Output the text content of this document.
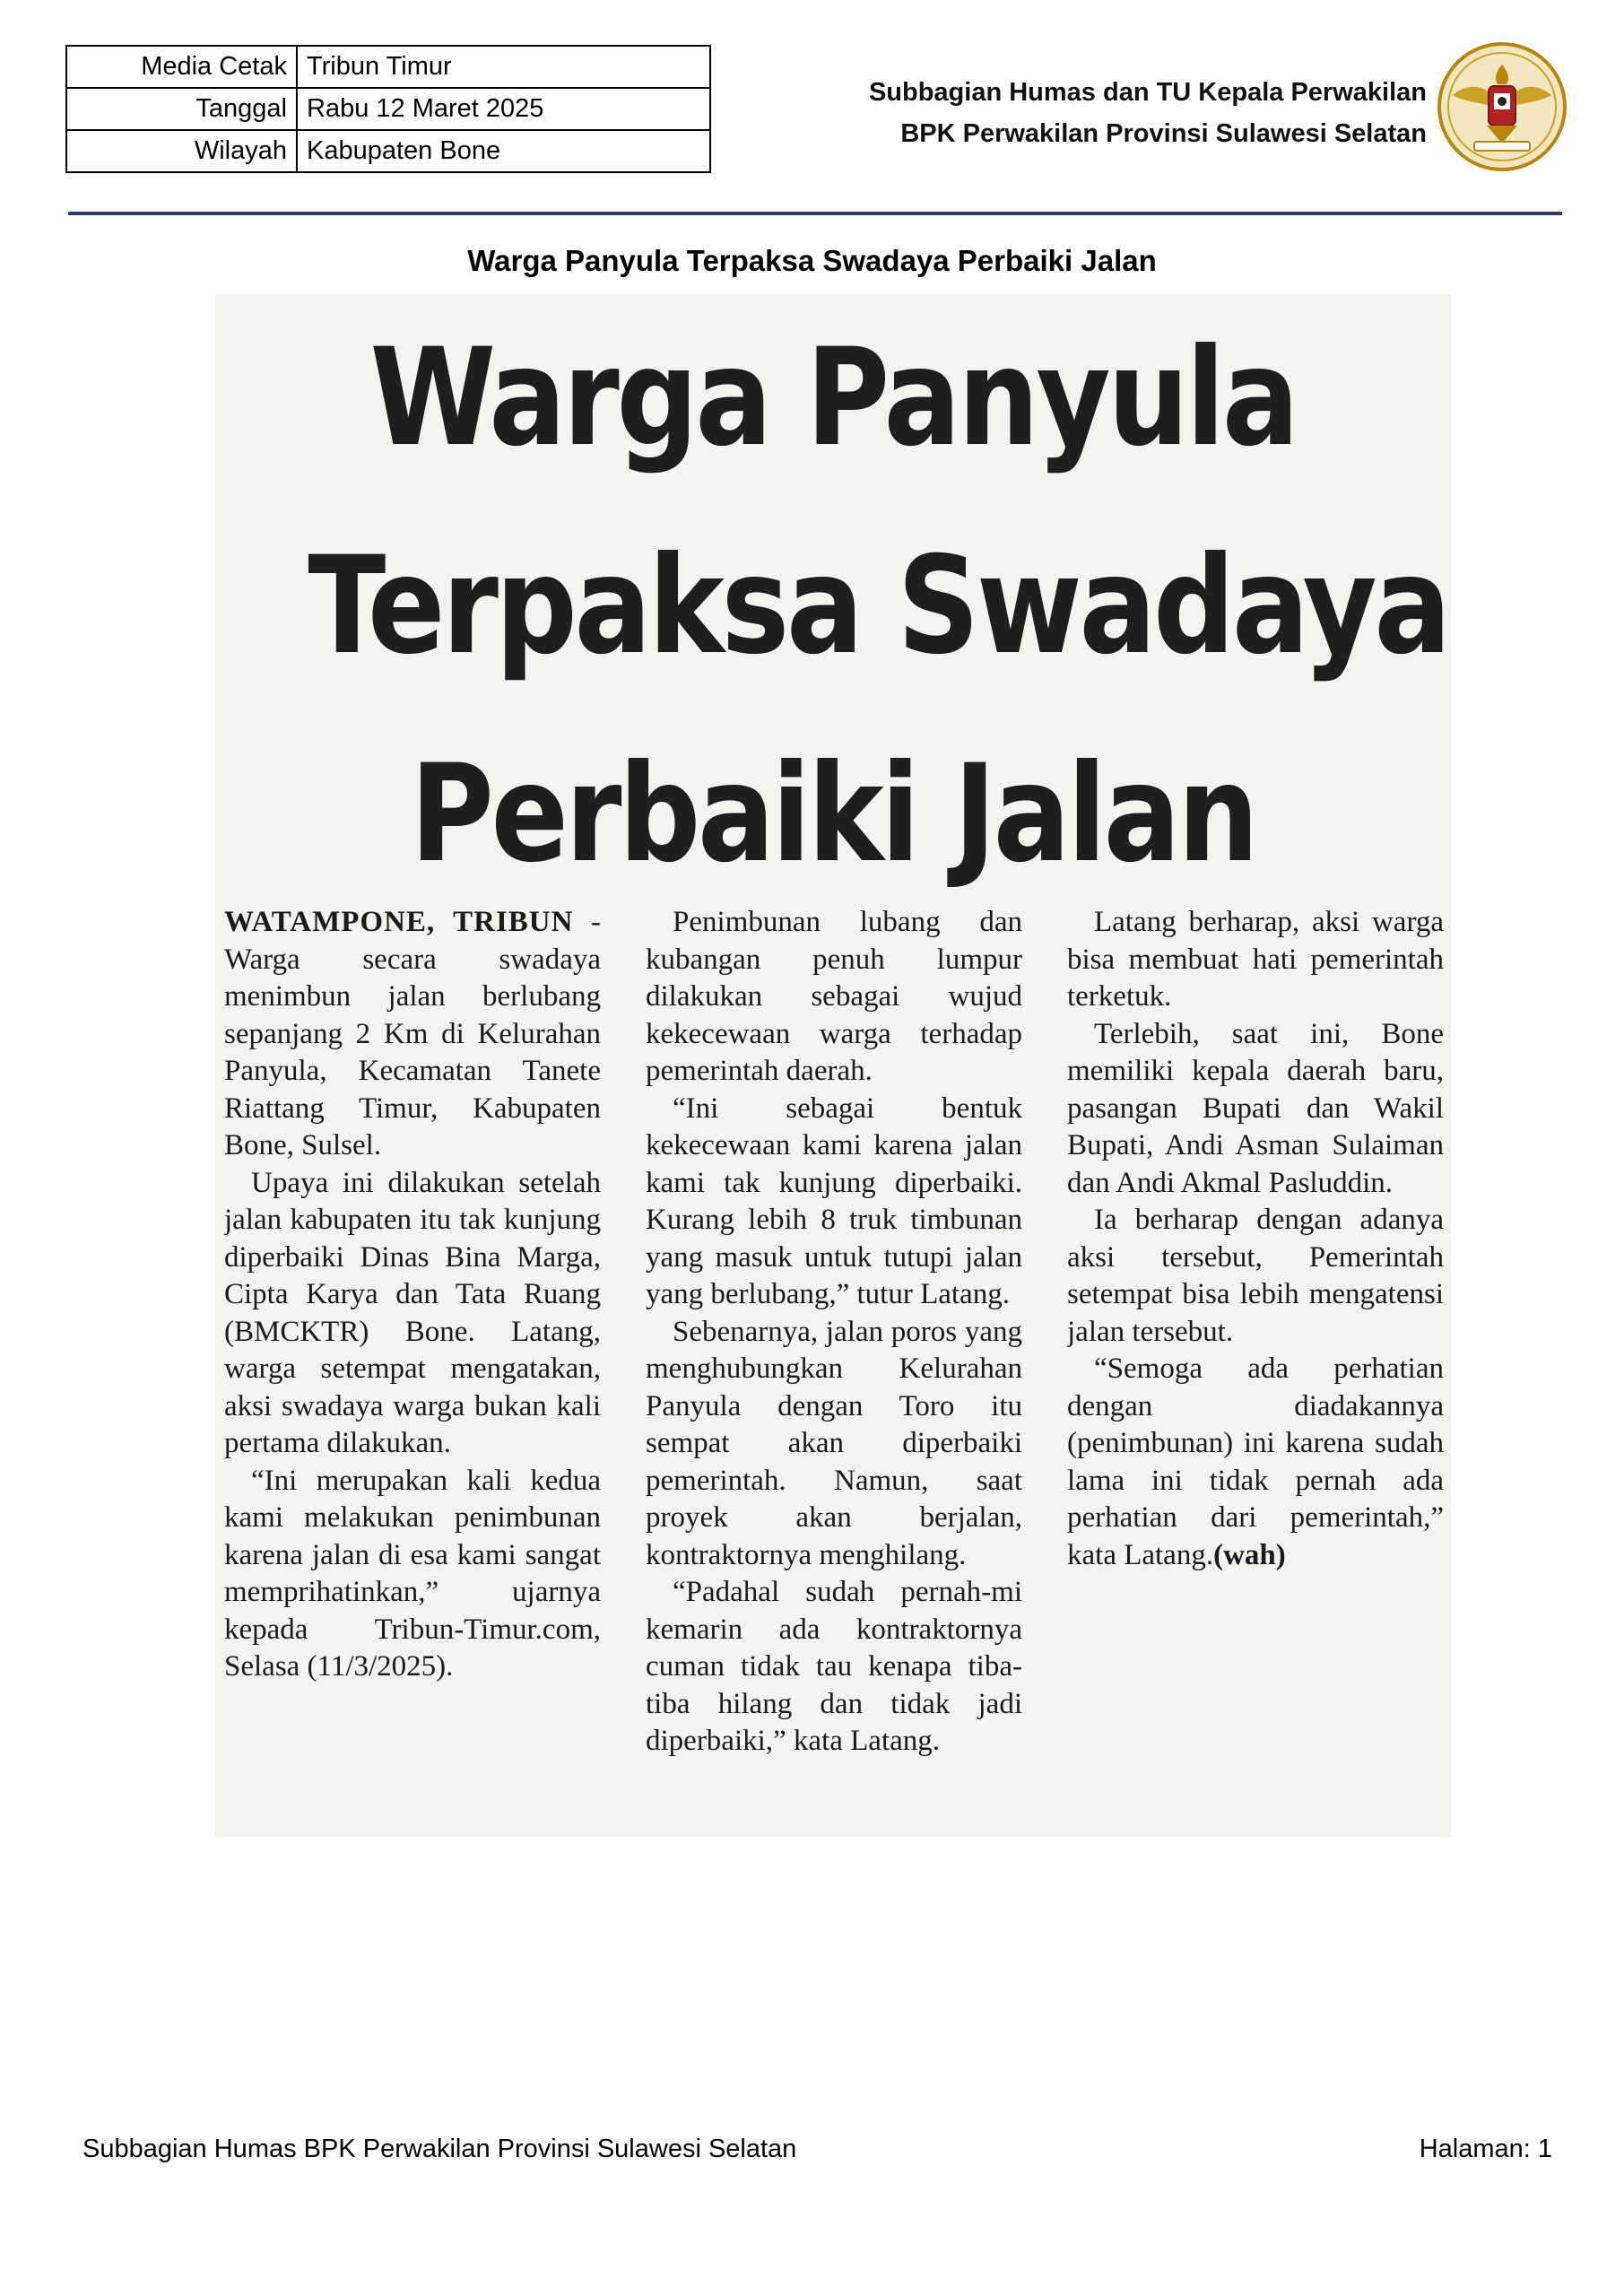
Media Cetak	Tribun Timur
Tanggal	Rabu 12 Maret 2025
Wilayah	Kabupaten Bone
Subbagian Humas dan TU Kepala Perwakilan
BPK Perwakilan Provinsi Sulawesi Selatan
Warga Panyula Terpaksa Swadaya Perbaiki Jalan
Warga Panyula
Terpaksa Swadaya
Perbaiki Jalan

WATAMPONE, TRIBUN - Warga secara swadaya menimbun jalan berlubang sepanjang 2 Km di Kelurahan Panyula, Kecamatan Tanete Riattang Timur, Kabupaten Bone, Sulsel.

Upaya ini dilakukan setelah jalan kabupaten itu tak kunjung diperbaiki Dinas Bina Marga, Cipta Karya dan Tata Ruang (BMCKTR) Bone. Latang, warga setempat mengatakan, aksi swadaya warga bukan kali pertama dilakukan.

“Ini merupakan kali kedua kami melakukan penimbunan karena jalan di esa kami sangat memprihatinkan,” ujarnya kepada Tribun-Timur.com, Selasa (11/3/2025).

Penimbunan lubang dan kubangan penuh lumpur dilakukan sebagai wujud kekecewaan warga terhadap pemerintah daerah.

“Ini sebagai bentuk kekecewaan kami karena jalan kami tak kunjung diperbaiki. Kurang lebih 8 truk timbunan yang masuk untuk tutupi jalan yang berlubang,” tutur Latang.

Sebenarnya, jalan poros yang menghubungkan Kelurahan Panyula dengan Toro itu sempat akan diperbaiki pemerintah. Namun, saat proyek akan berjalan, kontraktornya menghilang.

“Padahal sudah pernah-mi kemarin ada kontraktornya cuman tidak tau kenapa tiba-tiba hilang dan tidak jadi diperbaiki,” kata Latang.

Latang berharap, aksi warga bisa membuat hati pemerintah terketuk.

Terlebih, saat ini, Bone memiliki kepala daerah baru, pasangan Bupati dan Wakil Bupati, Andi Asman Sulaiman dan Andi Akmal Pasluddin.

Ia berharap dengan adanya aksi tersebut, Pemerintah setempat bisa lebih mengatensi jalan tersebut.

“Semoga ada perhatian dengan diadakannya (penimbunan) ini karena sudah lama ini tidak pernah ada perhatian dari pemerintah,” kata Latang.(wah)

Subbagian Humas BPK Perwakilan Provinsi Sulawesi Selatan	Halaman: 1
